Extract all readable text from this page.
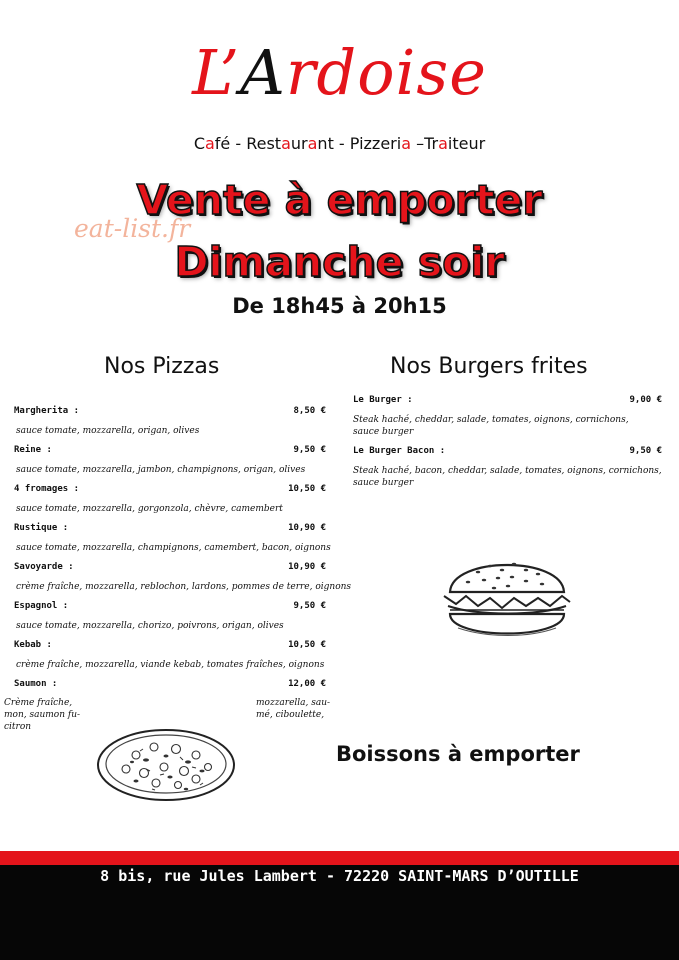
L’Ardoise
Café - Restaurant - Pizzeria –Traiteur
Vente à emporter
Dimanche soir
eat-list.fr
De 18h45 à 20h15
Nos Pizzas	Nos Burgers frites
Margherita :	8,50 €
sauce tomate, mozzarella, origan, olives
Reine :	9,50 €
sauce tomate, mozzarella, jambon, champignons, origan, olives
4 fromages :	10,50 €
sauce tomate, mozzarella, gorgonzola, chèvre, camembert
Rustique :	10,90 €
sauce tomate, mozzarella, champignons, camembert, bacon, oignons
Savoyarde :	10,90 €
crème fraîche, mozzarella, reblochon, lardons, pommes de terre, oignons
Espagnol :	9,50 €
sauce tomate, mozzarella, chorizo, poivrons, origan, olives
Kebab :	10,50 €
crème fraîche, mozzarella, viande kebab, tomates fraîches, oignons
Saumon :	12,00 €
Crème fraîche,
mon, saumon fu-
citron
mozzarella, sau-
mé, ciboulette,
Le Burger :	9,00 €
Steak haché, cheddar, salade, tomates, oignons, cornichons,
sauce burger
Le Burger Bacon :	9,50 €
Steak haché, bacon, cheddar, salade, tomates, oignons, cornichons,
sauce burger
Boissons à emporter
8 bis, rue Jules Lambert - 72220 SAINT-MARS D’OUTILLE
